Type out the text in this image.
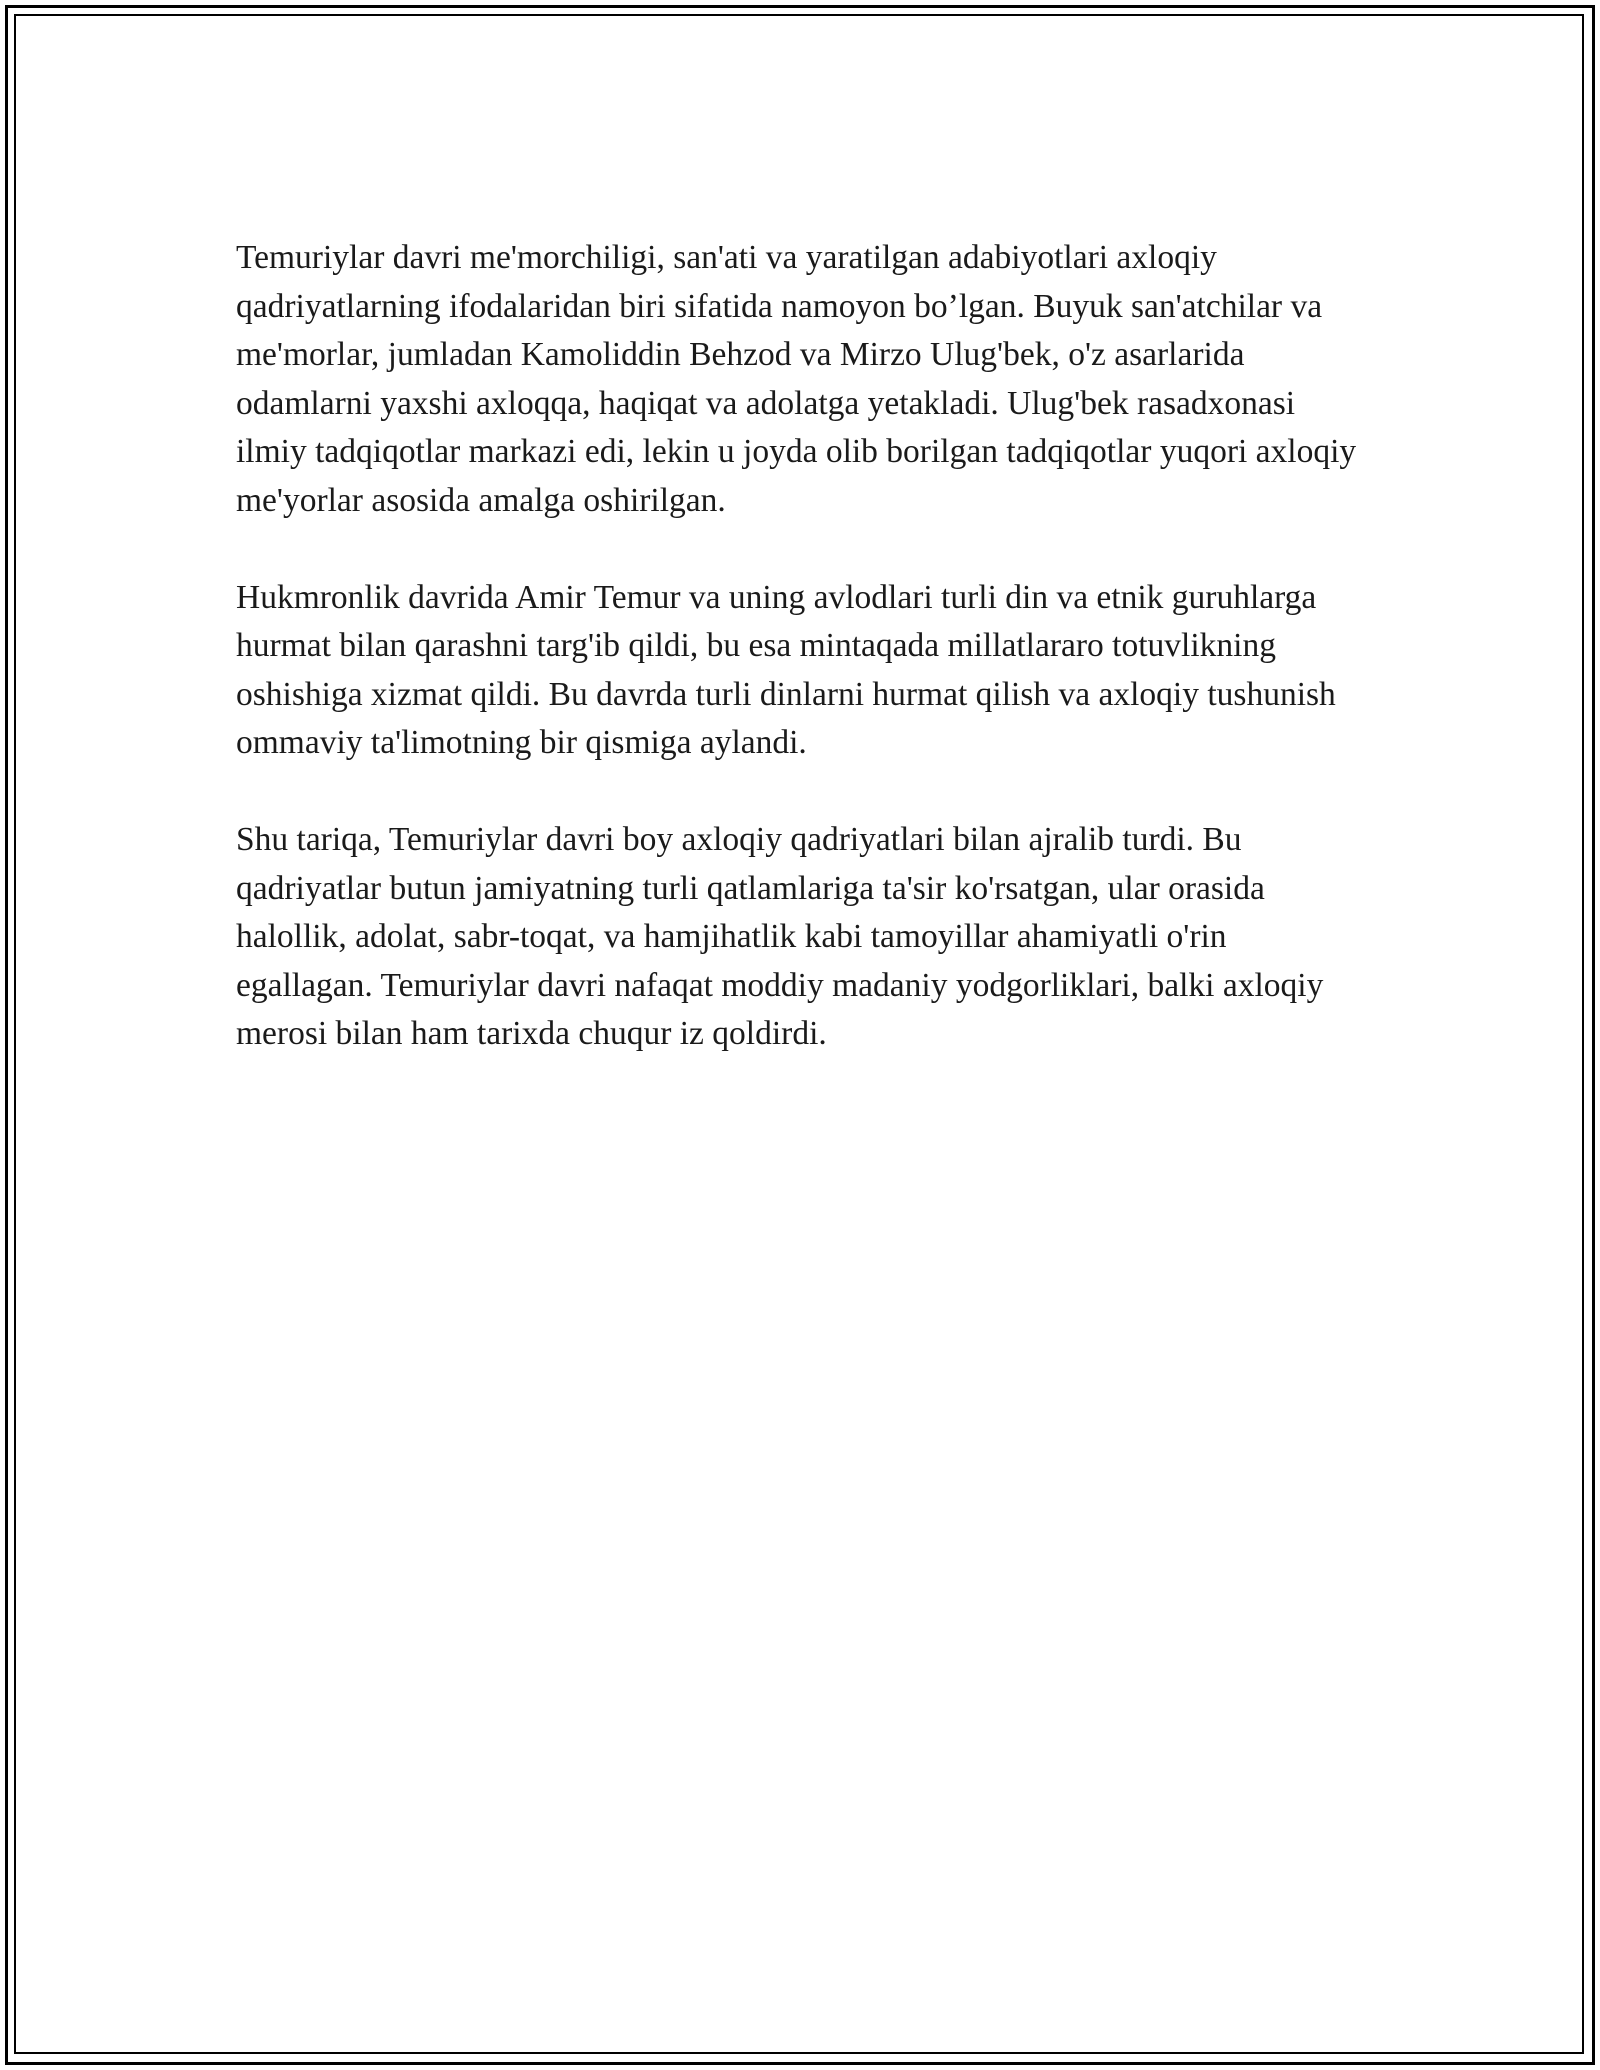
Temuriylar davri me'morchiligi, san'ati va yaratilgan adabiyotlari axloqiy qadriyatlarning ifodalaridan biri sifatida namoyon bo’lgan. Buyuk san'atchilar va me'morlar, jumladan Kamoliddin Behzod va Mirzo Ulug'bek, o'z asarlarida odamlarni yaxshi axloqqa, haqiqat va adolatga yetakladi. Ulug'bek rasadxonasi ilmiy tadqiqotlar markazi edi, lekin u joyda olib borilgan tadqiqotlar yuqori axloqiy me'yorlar asosida amalga oshirilgan.

Hukmronlik davrida Amir Temur va uning avlodlari turli din va etnik guruhlarga hurmat bilan qarashni targ'ib qildi, bu esa mintaqada millatlararo totuvlikning oshishiga xizmat qildi. Bu davrda turli dinlarni hurmat qilish va axloqiy tushunish ommaviy ta'limotning bir qismiga aylandi.

Shu tariqa, Temuriylar davri boy axloqiy qadriyatlari bilan ajralib turdi. Bu qadriyatlar butun jamiyatning turli qatlamlariga ta'sir ko'rsatgan, ular orasida halollik, adolat, sabr-toqat, va hamjihatlik kabi tamoyillar ahamiyatli o'rin egallagan. Temuriylar davri nafaqat moddiy madaniy yodgorliklari, balki axloqiy merosi bilan ham tarixda chuqur iz qoldirdi.
